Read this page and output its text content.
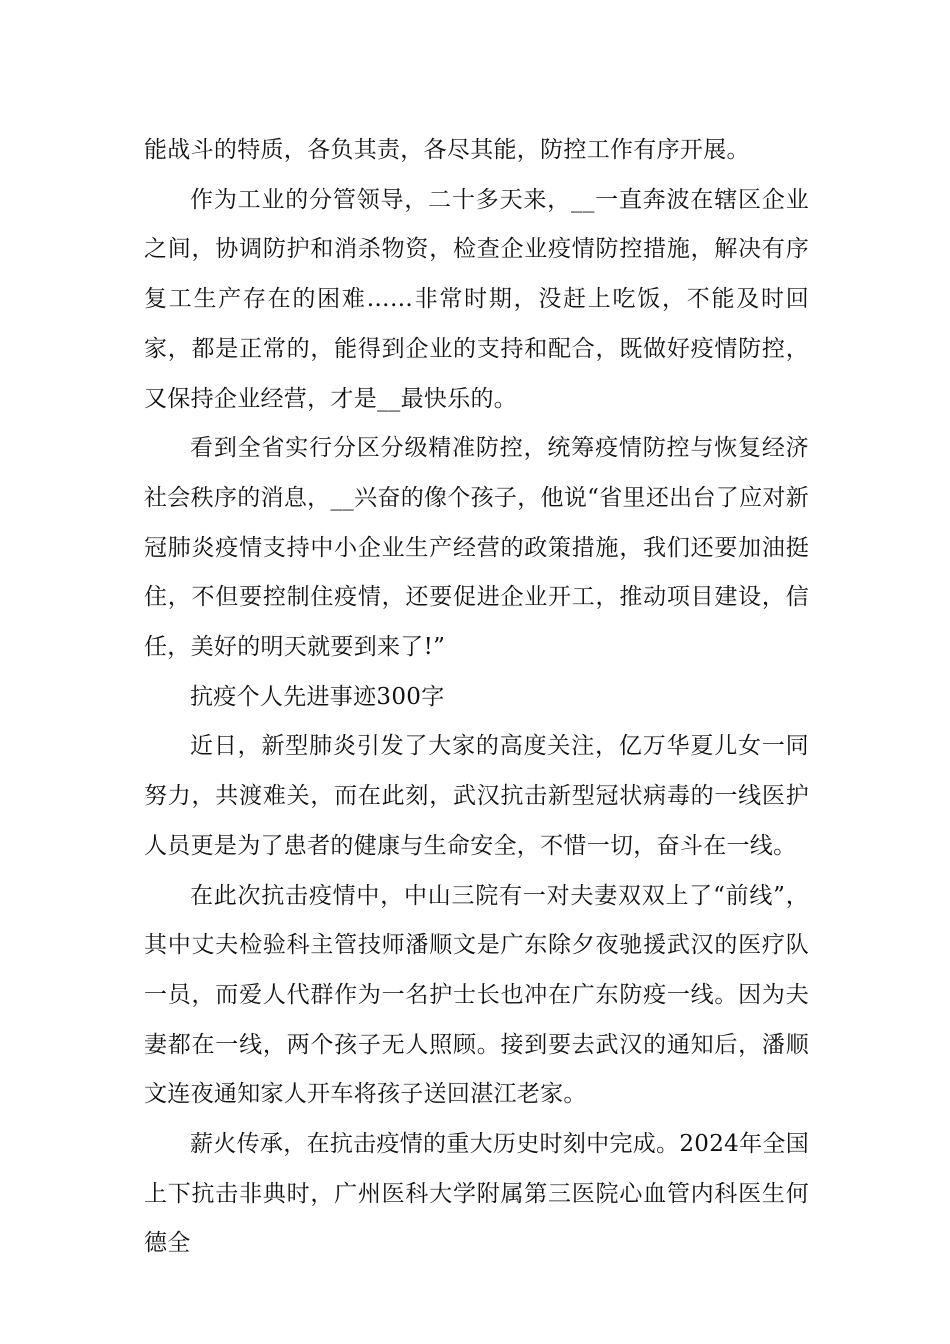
能战斗的特质，各负其责，各尽其能，防控工作有序开展。

作为工业的分管领导，二十多天来，__一直奔波在辖区企业之间，协调防护和消杀物资，检查企业疫情防控措施，解决有序复工生产存在的困难……非常时期，没赶上吃饭，不能及时回家，都是正常的，能得到企业的支持和配合，既做好疫情防控，又保持企业经营，才是__最快乐的。

看到全省实行分区分级精准防控，统筹疫情防控与恢复经济社会秩序的消息，__兴奋的像个孩子，他说“省里还出台了应对新冠肺炎疫情支持中小企业生产经营的政策措施，我们还要加油挺住，不但要控制住疫情，还要促进企业开工，推动项目建设，信任，美好的明天就要到来了!”

抗疫个人先进事迹300字

近日，新型肺炎引发了大家的高度关注，亿万华夏儿女一同努力，共渡难关，而在此刻，武汉抗击新型冠状病毒的一线医护人员更是为了患者的健康与生命安全，不惜一切，奋斗在一线。

在此次抗击疫情中，中山三院有一对夫妻双双上了“前线”，其中丈夫检验科主管技师潘顺文是广东除夕夜驰援武汉的医疗队一员，而爱人代群作为一名护士长也冲在广东防疫一线。因为夫妻都在一线，两个孩子无人照顾。接到要去武汉的通知后，潘顺文连夜通知家人开车将孩子送回湛江老家。

薪火传承，在抗击疫情的重大历史时刻中完成。2024年全国上下抗击非典时，广州医科大学附属第三医院心血管内科医生何德全
